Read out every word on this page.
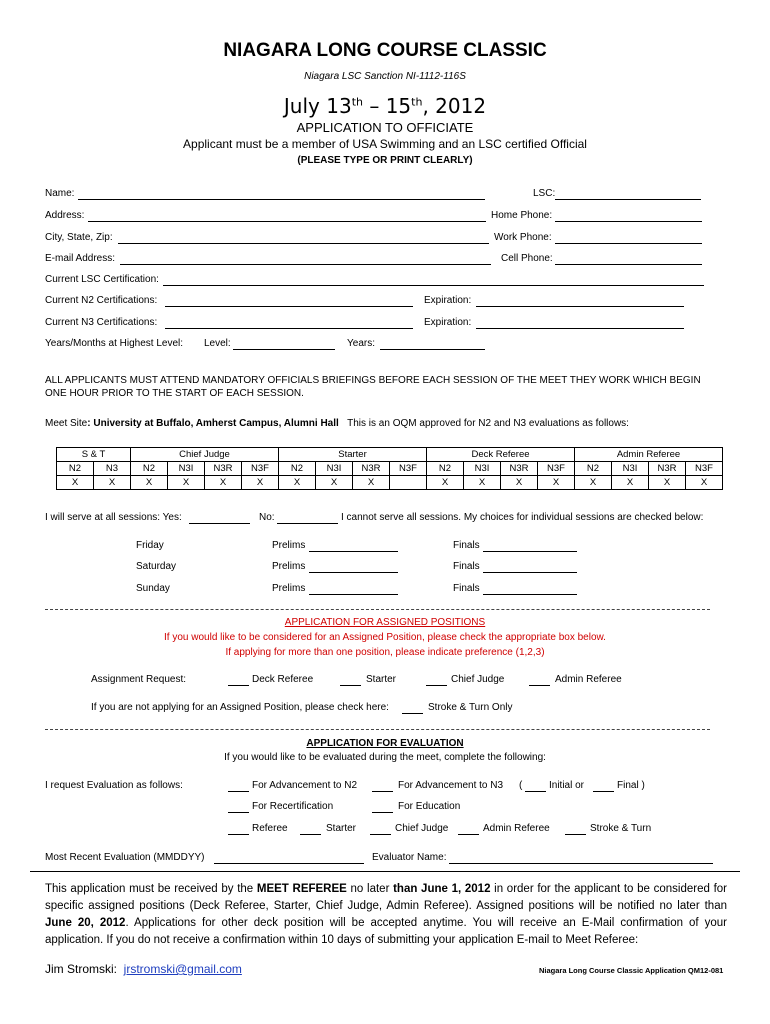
NIAGARA LONG COURSE CLASSIC
Niagara LSC Sanction NI-1112-116S
July 13th – 15th, 2012
APPLICATION TO OFFICIATE
Applicant must be a member of USA Swimming and an LSC certified Official
(PLEASE TYPE OR PRINT CLEARLY)
Name:	LSC:
Address:	Home Phone:
City, State, Zip:	Work Phone:
E-mail Address:	Cell Phone:
Current LSC Certification:
Current N2 Certifications:	Expiration:
Current N3 Certifications:	Expiration:
Years/Months at Highest Level: Level:	Years:
ALL APPLICANTS MUST ATTEND MANDATORY OFFICIALS BRIEFINGS BEFORE EACH SESSION OF THE MEET THEY WORK WHICH BEGIN ONE HOUR PRIOR TO THE START OF EACH SESSION.
Meet Site: University at Buffalo, Amherst Campus, Alumni Hall This is an OQM approved for N2 and N3 evaluations as follows:
S & T		Chief Judge				Starter				Deck Referee				Admin Referee			
N2	N3	N2	N3I	N3R	N3F	N2	N3I	N3R	N3F	N2	N3I	N3R	N3F	N2	N3I	N3R	N3F
X	X	X	X	X	X	X	X	X		X	X	X	X	X	X	X	X
I will serve at all sessions: Yes:	No:	I cannot serve all sessions. My choices for individual sessions are checked below:
Friday	Prelims	Finals
Saturday	Prelims	Finals
Sunday	Prelims	Finals
APPLICATION FOR ASSIGNED POSITIONS
If you would like to be considered for an Assigned Position, please check the appropriate box below.
If applying for more than one position, please indicate preference (1,2,3)
Assignment Request:	Deck Referee	Starter	Chief Judge	Admin Referee
If you are not applying for an Assigned Position, please check here:	Stroke & Turn Only
APPLICATION FOR EVALUATION
If you would like to be evaluated during the meet, complete the following:
I request Evaluation as follows:	For Advancement to N2	For Advancement to N3 (	Initial or	Final )
For Recertification	For Education
Referee	Starter	Chief Judge	Admin Referee	Stroke & Turn
Most Recent Evaluation (MMDDYY)	Evaluator Name:
This application must be received by the MEET REFEREE no later than June 1, 2012 in order for the applicant to be considered for specific assigned positions (Deck Referee, Starter, Chief Judge, Admin Referee). Assigned positions will be notified no later than June 20, 2012. Applications for other deck position will be accepted anytime. You will receive an E-Mail confirmation of your application. If you do not receive a confirmation within 10 days of submitting your application E-mail to Meet Referee:
Jim Stromski: jrstromski@gmail.com	Niagara Long Course Classic Application QM12-081
